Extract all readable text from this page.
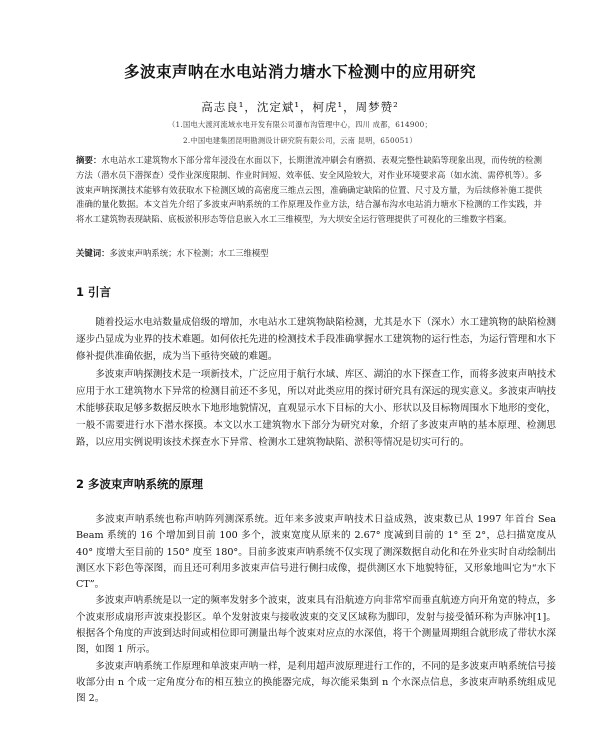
多波束声呐在水电站消力塘水下检测中的应用研究
高志良¹，沈定斌¹，柯虎¹，周梦赞²
（1.国电大渡河流域水电开发有限公司瀑布沟管理中心，四川 成都，614900；
2.中国电建集团昆明勘测设计研究院有限公司，云南 昆明，650051）
摘要：水电站水工建筑物水下部分常年浸没在水面以下，长期泄流冲刷会有磨损、表观完整性缺陷等现象出现，而传统的检测方法（潜水员下潜探查）受作业深度限制、作业时间短、效率低、安全风险较大，对作业环境要求高（如水流、需停机等）。多波束声呐探测技术能够有效获取水下检测区域的高密度三维点云图，准确确定缺陷的位置、尺寸及方量，为后续修补施工提供准确的量化数据。本文首先介绍了多波束声呐系统的工作原理及作业方法，结合瀑布沟水电站消力塘水下检测的工作实践，并将水工建筑物表现缺陷、底板淤积形态等信息嵌入水工三维模型，为大坝安全运行管理提供了可视化的三维数字档案。
关键词：多波束声呐系统；水下检测；水工三维模型
1 引言

随着投运水电站数量成倍级的增加，水电站水工建筑物缺陷检测，尤其是水下（深水）水工建筑物的缺陷检测逐步凸显成为业界的技术难题。如何依托先进的检测技术手段准确掌握水工建筑物的运行性态，为运行管理和水下修补提供准确依据，成为当下亟待突破的难题。

多波束声呐探测技术是一项新技术，广泛应用于航行水域、库区、湖泊的水下探查工作，而将多波束声呐技术应用于水工建筑物水下异常的检测目前还不多见，所以对此类应用的探讨研究具有深远的现实意义。多波束声呐技术能够获取足够多数据反映水下地形地貌情况，直观显示水下目标的大小、形状以及目标物周围水下地形的变化，一般不需要进行水下潜水探摸。本文以水工建筑物水下部分为研究对象，介绍了多波束声呐的基本原理、检测思路，以应用实例说明该技术探查水下异常、检测水工建筑物缺陷、淤积等情况是切实可行的。

2 多波束声呐系统的原理

多波束声呐系统也称声呐阵列测深系统。近年来多波束声呐技术日益成熟，波束数已从 1997 年首台 Sea Beam 系统的 16 个增加到目前 100 多个，波束宽度从原来的 2.67° 度减到目前的 1° 至 2°，总扫描宽度从 40° 度增大至目前的 150° 度至 180°。目前多波束声呐系统不仅实现了测深数据自动化和在外业实时自动绘制出测区水下彩色等深图，而且还可利用多波束声信号进行侧扫成像，提供测区水下地貌特征，又形象地叫它为“水下 CT”。

多波束声呐系统是以一定的频率发射多个波束，波束具有沿航迹方向非常窄而垂直航迹方向开角宽的特点，多个波束形成扇形声波束投影区。单个发射波束与接收波束的交叉区域称为脚印，发射与接受循环称为声脉冲[1]。根据各个角度的声波到达时间或相位即可测量出每个波束对应点的水深值，将干个测量周期组合就形成了带状水深图，如图 1 所示。

多波束声呐系统工作原理和单波束声呐一样，是利用超声波原理进行工作的，不同的是多波束声呐系统信号接收部分由 n 个成一定角度分布的相互独立的换能器完成，每次能采集到 n 个水深点信息，多波束声呐系统组成见图 2。
